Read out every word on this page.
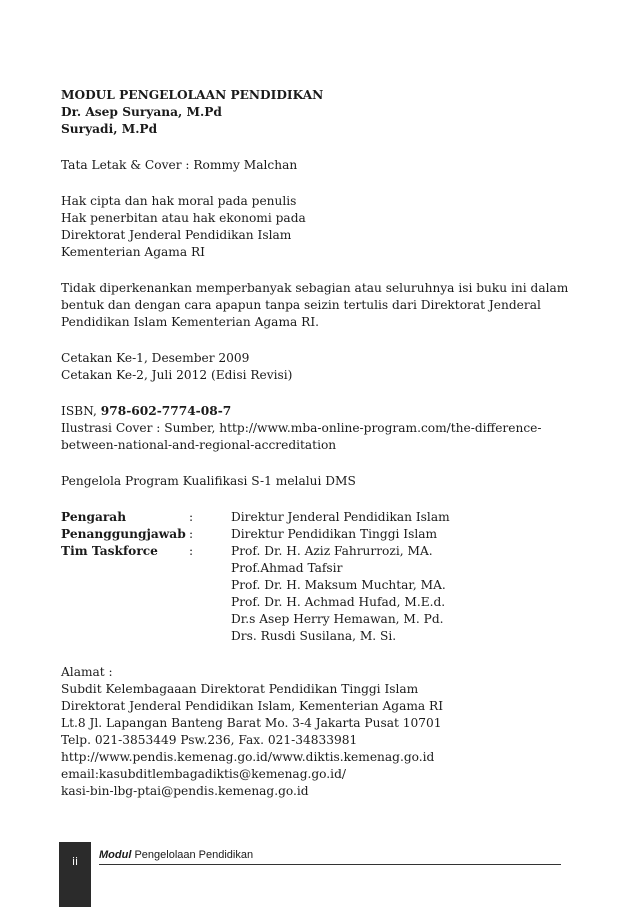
MODUL PENGELOLAAN PENDIDIKAN

Dr. Asep Suryana, M.Pd

Suryadi, M.Pd

Tata Letak & Cover : Rommy Malchan

Hak cipta dan hak moral pada penulis

Hak penerbitan atau hak ekonomi pada

Direktorat Jenderal Pendidikan Islam

Kementerian Agama RI

Tidak diperkenankan memperbanyak sebagian atau seluruhnya isi buku ini dalam

bentuk dan dengan cara apapun tanpa seizin tertulis dari Direktorat Jenderal

Pendidikan Islam Kementerian Agama RI.

Cetakan Ke-1, Desember 2009

Cetakan Ke-2, Juli 2012 (Edisi Revisi)

ISBN, 978-602-7774-08-7

Ilustrasi Cover : Sumber, http://www.mba-online-program.com/the-difference-

between-national-and-regional-accreditation

Pengelola Program Kualifikasi S-1 melalui DMS

Pengarah	:	Direktur Jenderal Pendidikan Islam
Penanggungjawab :	Direktur Pendidikan Tinggi Islam
Tim Taskforce	:	Prof. Dr. H. Aziz Fahrurrozi, MA.
Prof.Ahmad Tafsir
Prof. Dr. H. Maksum Muchtar, MA.
Prof. Dr. H. Achmad Hufad, M.E.d.
Dr.s Asep Herry Hemawan, M. Pd.
Drs. Rusdi Susilana, M. Si.

Alamat :

Subdit Kelembagaaan Direktorat Pendidikan Tinggi Islam

Direktorat Jenderal Pendidikan Islam, Kementerian Agama RI

Lt.8 Jl. Lapangan Banteng Barat Mo. 3-4 Jakarta Pusat 10701

Telp. 021-3853449 Psw.236, Fax. 021-34833981

http://www.pendis.kemenag.go.id/www.diktis.kemenag.go.id

email:kasubditlembagadiktis@kemenag.go.id/

kasi-bin-lbg-ptai@pendis.kemenag.go.id

ii	Modul Pengelolaan Pendidikan
